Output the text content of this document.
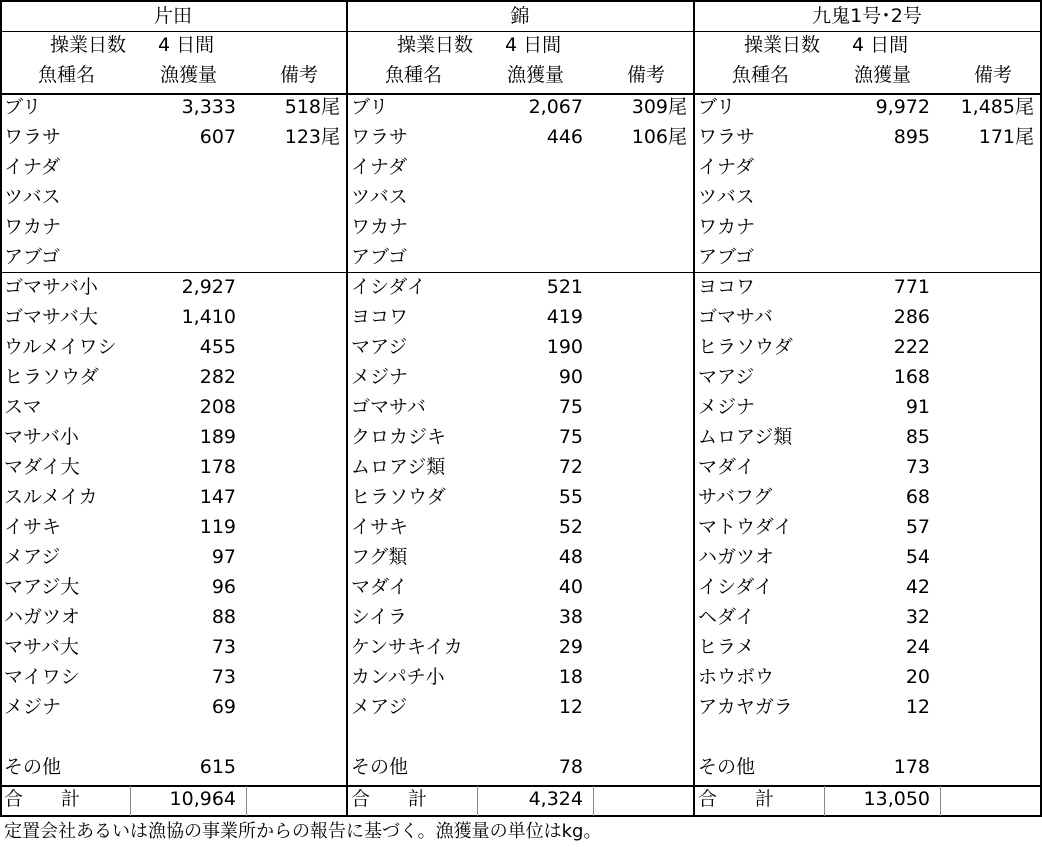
片田
操業日数 4 日間
魚種名	漁獲量	備考
ブリ	3,333	518尾
ワラサ	607	123尾
イナダ
ツバス
ワカナ
アブゴ
ゴマサバ小	2,927
ゴマサバ大	1,410
ウルメイワシ	455
ヒラソウダ	282
スマ	208
マサバ小	189
マダイ大	178
スルメイカ	147
イサキ	119
メアジ	97
マアジ大	96
ハガツオ	88
マサバ大	73
マイワシ	73
メジナ	69
その他	615
合　　計	10,964
錦
操業日数 4 日間
魚種名	漁獲量	備考
ブリ	2,067	309尾
ワラサ	446	106尾
イナダ
ツバス
ワカナ
アブゴ
イシダイ	521
ヨコワ	419
マアジ	190
メジナ	90
ゴマサバ	75
クロカジキ	75
ムロアジ類	72
ヒラソウダ	55
イサキ	52
フグ類	48
マダイ	40
シイラ	38
ケンサキイカ	29
カンパチ小	18
メアジ	12
その他	78
合　　計	4,324
九鬼1号･2号
操業日数 4 日間
魚種名	漁獲量	備考
ブリ	9,972	1,485尾
ワラサ	895	171尾
イナダ
ツバス
ワカナ
アブゴ
ヨコワ	771
ゴマサバ	286
ヒラソウダ	222
マアジ	168
メジナ	91
ムロアジ類	85
マダイ	73
サバフグ	68
マトウダイ	57
ハガツオ	54
イシダイ	42
ヘダイ	32
ヒラメ	24
ホウボウ	20
アカヤガラ	12
その他	178
合　　計	13,050
定置会社あるいは漁協の事業所からの報告に基づく。漁獲量の単位はkg。
